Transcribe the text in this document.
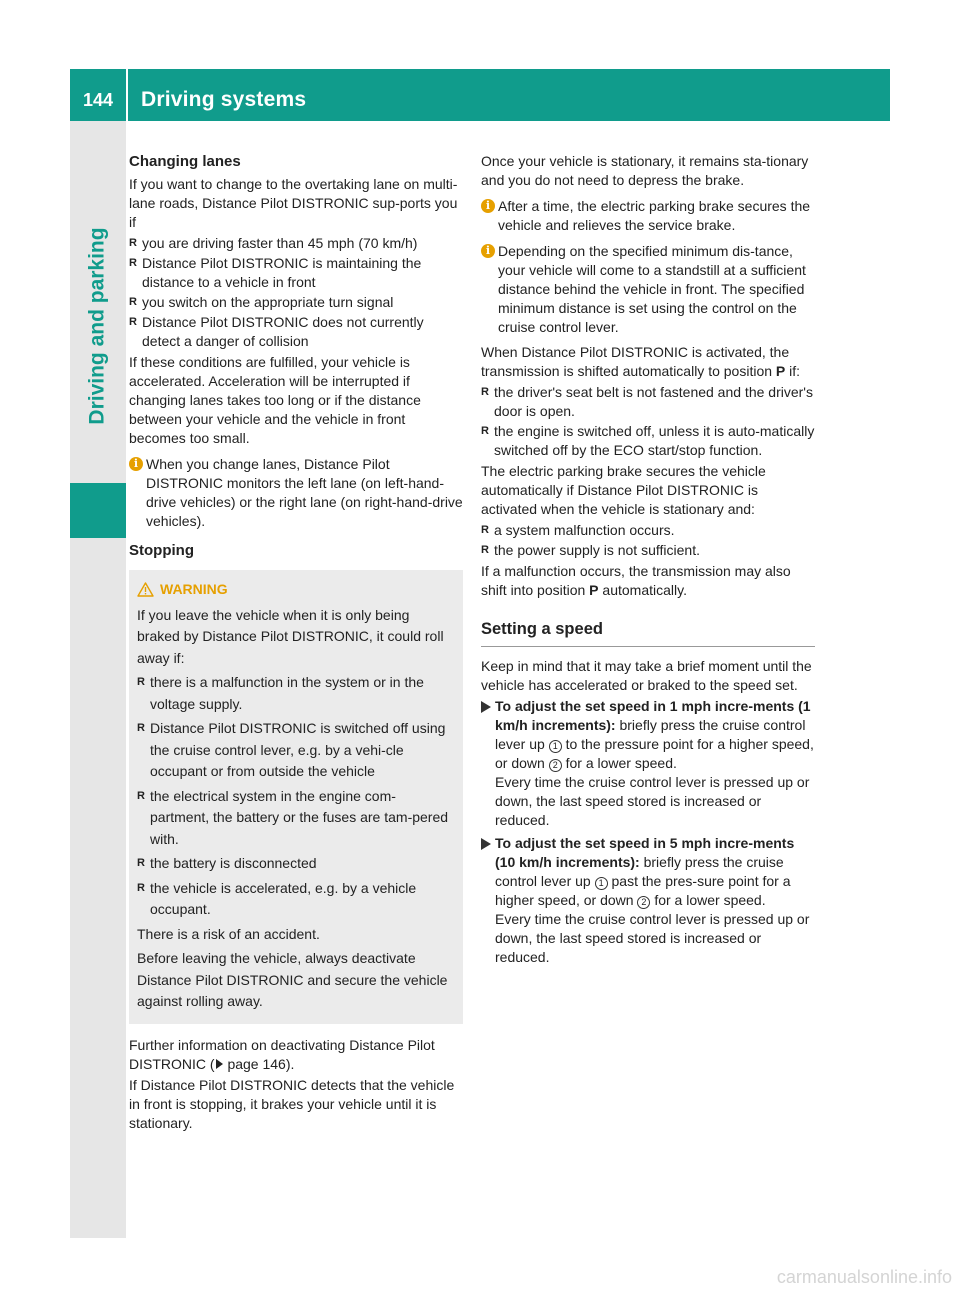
144	Driving systems
Driving and parking
Changing lanes

If you want to change to the overtaking lane on multi-lane roads, Distance Pilot DISTRONIC sup-ports you if

R you are driving faster than 45 mph (70 km/h)
R Distance Pilot DISTRONIC is maintaining the distance to a vehicle in front
R you switch on the appropriate turn signal
R Distance Pilot DISTRONIC does not currently detect a danger of collision

If these conditions are fulfilled, your vehicle is accelerated. Acceleration will be interrupted if changing lanes takes too long or if the distance between your vehicle and the vehicle in front becomes too small.

i When you change lanes, Distance Pilot DISTRONIC monitors the left lane (on left-hand-drive vehicles) or the right lane (on right-hand-drive vehicles).
Stopping
WARNING

If you leave the vehicle when it is only being braked by Distance Pilot DISTRONIC, it could roll away if:

R there is a malfunction in the system or in the voltage supply.
R Distance Pilot DISTRONIC is switched off using the cruise control lever, e.g. by a vehi-cle occupant or from outside the vehicle
R the electrical system in the engine com-partment, the battery or the fuses are tam-pered with.
R the battery is disconnected
R the vehicle is accelerated, e.g. by a vehicle occupant.

There is a risk of an accident.

Before leaving the vehicle, always deactivate Distance Pilot DISTRONIC and secure the vehicle against rolling away.

Further information on deactivating Distance Pilot DISTRONIC ( page 146).

If Distance Pilot DISTRONIC detects that the vehicle in front is stopping, it brakes your vehicle until it is stationary.

Once your vehicle is stationary, it remains sta-tionary and you do not need to depress the brake.

i After a time, the electric parking brake secures the vehicle and relieves the service brake.
i Depending on the specified minimum dis-tance, your vehicle will come to a standstill at a sufficient distance behind the vehicle in front. The specified minimum distance is set using the control on the cruise control lever.

When Distance Pilot DISTRONIC is activated, the transmission is shifted automatically to position P if:

R the driver's seat belt is not fastened and the driver's door is open.
R the engine is switched off, unless it is auto-matically switched off by the ECO start/stop function.

The electric parking brake secures the vehicle automatically if Distance Pilot DISTRONIC is activated when the vehicle is stationary and:

R a system malfunction occurs.
R the power supply is not sufficient.

If a malfunction occurs, the transmission may also shift into position P automatically.

Setting a speed

Keep in mind that it may take a brief moment until the vehicle has accelerated or braked to the speed set.

To adjust the set speed in 1 mph incre-ments (1 km/h increments): briefly press the cruise control lever up 1 to the pressure point for a higher speed, or down 2 for a lower speed.
Every time the cruise control lever is pressed up or down, the last speed stored is increased or reduced.
To adjust the set speed in 5 mph incre-ments (10 km/h increments): briefly press the cruise control lever up 1 past the pres-sure point for a higher speed, or down 2 for a lower speed.
Every time the cruise control lever is pressed up or down, the last speed stored is increased or reduced.
carmanualsonline.info
